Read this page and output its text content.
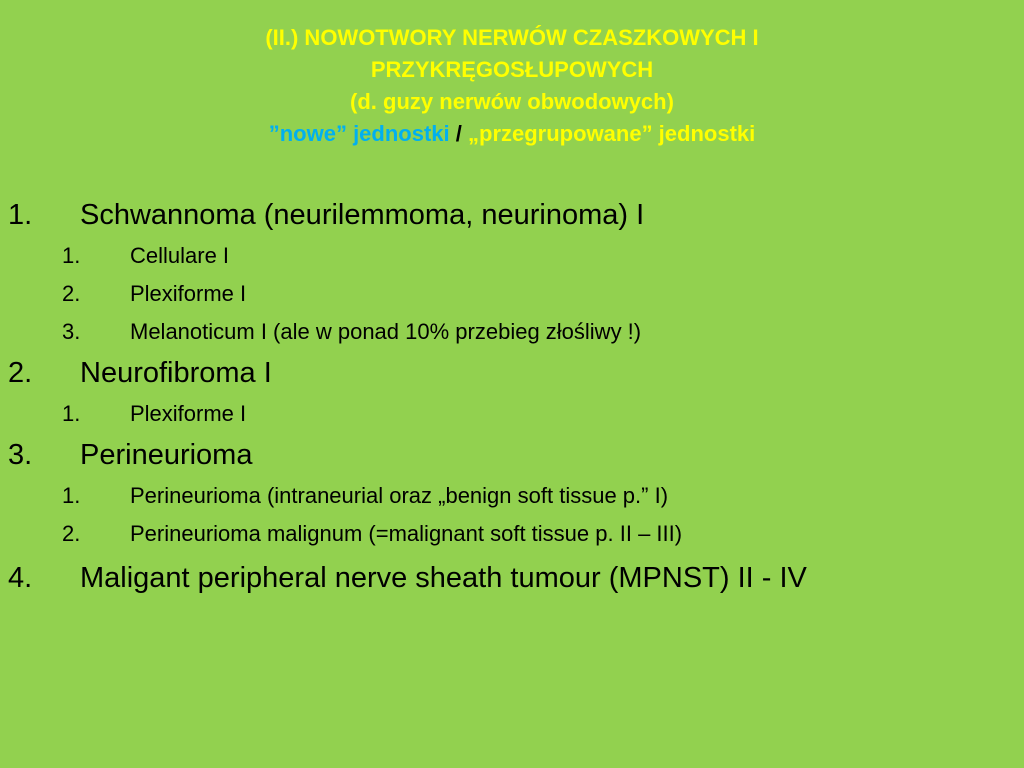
(II.) NOWOTWORY NERWÓW CZASZKOWYCH I
PRZYKRĘGOSŁUPOWYCH
(d. guzy nerwów obwodowych)
”nowe” jednostki / „przegrupowane” jednostki
1. Schwannoma (neurilemmoma, neurinoma) I
1. Cellulare I
2. Plexiforme I
3. Melanoticum I (ale w ponad 10% przebieg złośliwy !)
2. Neurofibroma I
1. Plexiforme I
3. Perineurioma
1. Perineurioma (intraneurial oraz „benign soft tissue p.” I)
2. Perineurioma malignum (=malignant soft tissue p. II – III)
4. Maligant peripheral nerve sheath tumour (MPNST) II - IV
